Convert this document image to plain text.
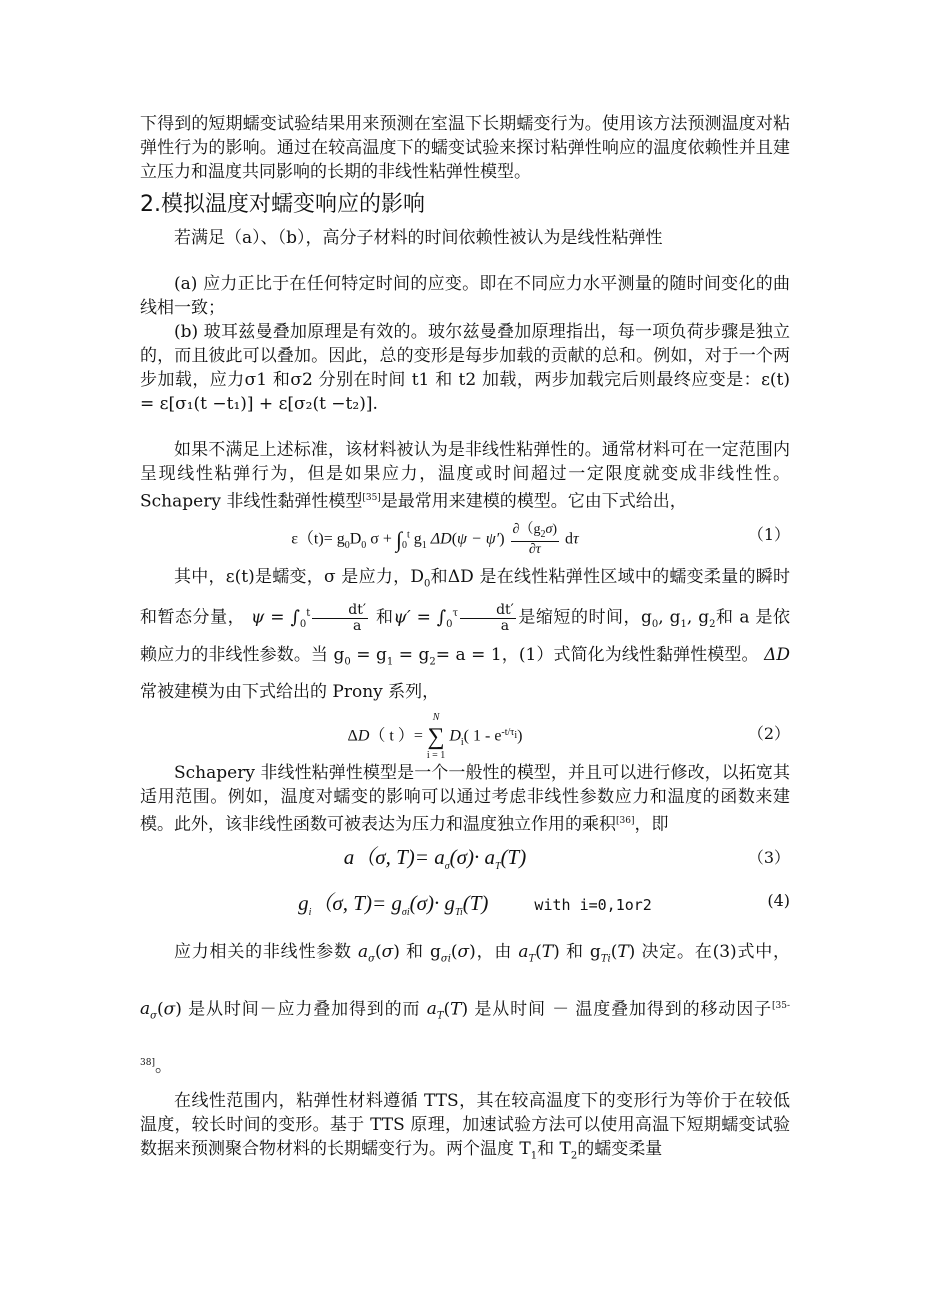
下得到的短期蠕变试验结果用来预测在室温下长期蠕变行为。使用该方法预测温度对粘弹性行为的影响。通过在较高温度下的蠕变试验来探讨粘弹性响应的温度依赖性并且建立压力和温度共同影响的长期的非线性粘弹性模型。

2.模拟温度对蠕变响应的影响

若满足（a）、（b），高分子材料的时间依赖性被认为是线性粘弹性

(a) 应力正比于在任何特定时间的应变。即在不同应力水平测量的随时间变化的曲线相一致；

(b) 玻耳兹曼叠加原理是有效的。玻尔兹曼叠加原理指出，每一项负荷步骤是独立的，而且彼此可以叠加。因此，总的变形是每步加载的贡献的总和。例如，对于一个两步加载，应力σ1 和σ2 分别在时间 t1 和 t2 加载，两步加载完后则最终应变是：ε(t) = ε[σ₁(t −t₁)] + ε[σ₂(t −t₂)].

如果不满足上述标准，该材料被认为是非线性粘弹性的。通常材料可在一定范围内呈现线性粘弹行为，但是如果应力，温度或时间超过一定限度就变成非线性性。Schapery 非线性黏弹性模型[35]是最常用来建模的模型。它由下式给出，

$\varepsilon(t)= g_0D_0$ $\sigma + \int_0^t$ $g_1$ $\Delta D(\psi - \psi') \frac{\partial(g_2\sigma)}{\partial\tau}$ dτ	（1）

其中，ε(t)是蠕变，σ 是应力，$D_0$和ΔD 是在线性粘弹性区域中的蠕变柔量的瞬时和暂态分量， $\psi = \int_0^t \frac{dt'}{a}$ 和$\psi' = \int_0^\tau \frac{dt'}{a}$ 是缩短的时间，$g_0$, $g_1$, $g_2$和 a 是依赖应力的非线性参数。当 $g_0 = g_1 = g_2= a = 1$，(1）式简化为线性黏弹性模型。 ΔD 常被建模为由下式给出的 Prony 系列，

ΔD（ t ）= N
∑
i = 1 $D_i$( $1 - e^{-t/\tau_i}$)	（2）

Schapery 非线性粘弹性模型是一个一般性的模型，并且可以进行修改，以拓宽其适用范围。例如，温度对蠕变的影响可以通过考虑非线性参数应力和温度的函数来建模。此外，该非线性函数可被表达为压力和温度独立作用的乘积[36]，即

a（σ, $T)= a_\sigma(\sigma)\cdot a_T(T)$	（3）
$g_i(\sigma$, $T)= g_{\sigma i}(\sigma)\cdot g_{Ti}(T)$	with i=0,1or2	(4)

应力相关的非线性参数 $a_\sigma(\sigma)$ 和 $g_{\sigma i}(\sigma)$，由 $a_T(T)$ 和 $g_{Ti}(T)$ 决定。在(3)式中， $a_\sigma(\sigma)$ 是从时间－应力叠加得到的而 $a_T(T)$ 是从时间 － 温度叠加得到的移动因子[35-38]。

在线性范围内，粘弹性材料遵循 TTS，其在较高温度下的变形行为等价于在较低温度，较长时间的变形。基于 TTS 原理，加速试验方法可以使用高温下短期蠕变试验数据来预测聚合物材料的长期蠕变行为。两个温度 $T_1$和 $T_2$的蠕变柔量
